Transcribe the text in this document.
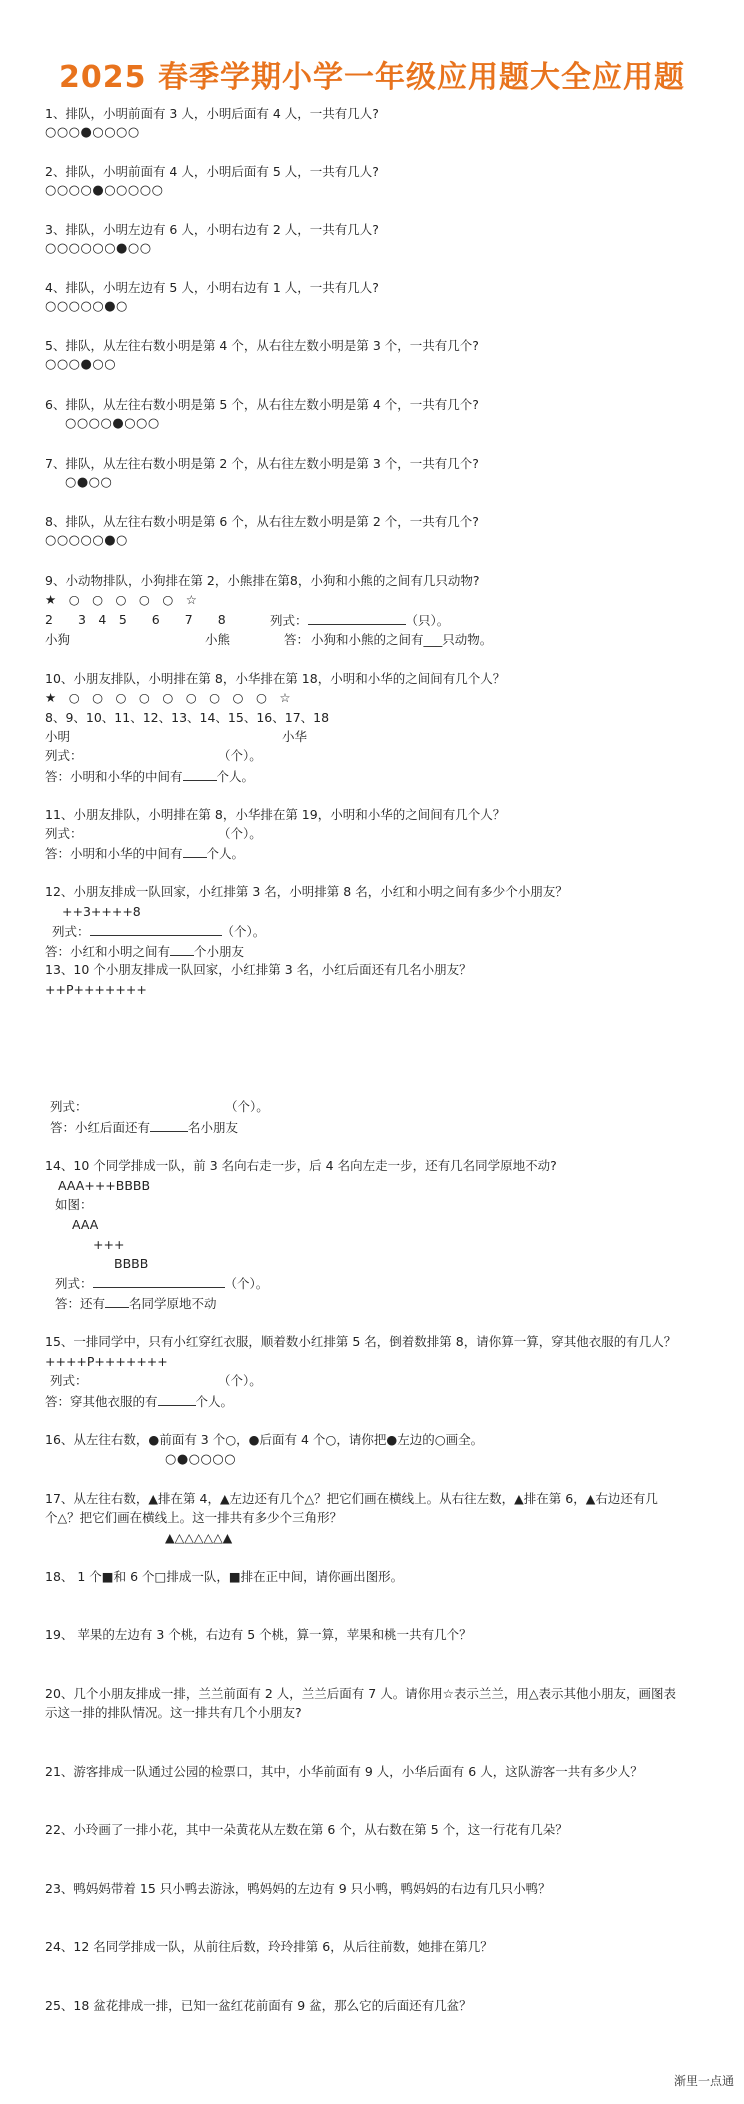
2025 春季学期小学一年级应用题大全应用题
1、排队，小明前面有 3 人，小明后面有 4 人，一共有几人?
○○○●○○○○
2、排队，小明前面有 4 人，小明后面有 5 人，一共有几人?
○○○○●○○○○○
3、排队，小明左边有 6 人，小明右边有 2 人，一共有几人?
○○○○○○●○○
4、排队，小明左边有 5 人，小明右边有 1 人，一共有几人?
○○○○○●○
5、排队，从左往右数小明是第 4 个，从右往左数小明是第 3 个，一共有几个?
○○○●○○
6、排队，从左往右数小明是第 5 个，从右往左数小明是第 4 个，一共有几个?
○○○○●○○○
7、排队，从左往右数小明是第 2 个，从右往左数小明是第 3 个，一共有几个?
○●○○
8、排队，从左往右数小明是第 6 个，从右往左数小明是第 2 个，一共有几个?
○○○○○●○
9、小动物排队，小狗排在第 2，小熊排在第8，小狗和小熊的之间有几只动物?
★　○　○　○　○　○　☆
2　　3　4　5　　6　　7　　8	列式：	（只）。
小狗	小熊	答： 小狗和小熊的之间有___只动物。
10、小朋友排队，小明排在第 8，小华排在第 18，小明和小华的之间间有几个人？
★　○　○　○　○　○　○　○　○　○　☆
8、9、10、11、12、13、14、15、16、17、18
小明	小华
列式：	（个）。
答：小明和小华的中间有	个人。
11、小朋友排队，小明排在第 8，小华排在第 19，小明和小华的之间间有几个人？
列式：	（个）。
答：小明和小华的中间有 个人。
12、小朋友排成一队回家，小红排第 3 名，小明排第 8 名，小红和小明之间有多少个小朋友？
++3++++8
列式：	（个）。
答：小红和小明之间有 个小朋友
13、10 个小朋友排成一队回家，小红排第 3 名，小红后面还有几名小朋友？
++P+++++++
列式：	（个）。
答：小红后面还有	名小朋友
14、10 个同学排成一队，前 3 名向右走一步，后 4 名向左走一步，还有几名同学原地不动?
AAA+++BBBB
如图：
AAA
+++
BBBB
列式：	（个）。
答：还有 名同学原地不动
15、一排同学中，只有小红穿红衣服，顺着数小红排第 5 名，倒着数排第 8，请你算一算，穿其他衣服的有几人？
++++P+++++++
列式：	（个）。
答：穿其他衣服的有	个人。
16、从左往右数，●前面有 3 个○，●后面有 4 个○，请你把●左边的○画全。
○●○○○○
17、从左往右数，▲排在第 4，▲左边还有几个△？把它们画在横线上。从右往左数，▲排在第 6，▲右边还有几
个△？把它们画在横线上。这一排共有多少个三角形？
▲△△△△△▲
18、 1 个■和 6 个□排成一队，■排在正中间，请你画出图形。
19、 苹果的左边有 3 个桃，右边有 5 个桃，算一算，苹果和桃一共有几个？
20、几个小朋友排成一排，兰兰前面有 2 人，兰兰后面有 7 人。请你用☆表示兰兰，用△表示其他小朋友，画图表
示这一排的排队情况。这一排共有几个小朋友?
21、游客排成一队通过公园的检票口，其中，小华前面有 9 人，小华后面有 6 人，这队游客一共有多少人？
22、小玲画了一排小花，其中一朵黄花从左数在第 6 个，从右数在第 5 个，这一行花有几朵？
23、鸭妈妈带着 15 只小鸭去游泳，鸭妈妈的左边有 9 只小鸭，鸭妈妈的右边有几只小鸭？
24、12 名同学排成一队，从前往后数，玲玲排第 6，从后往前数，她排在第几？
25、18 盆花排成一排，已知一盆红花前面有 9 盆，那么它的后面还有几盆？
渐里一点通
